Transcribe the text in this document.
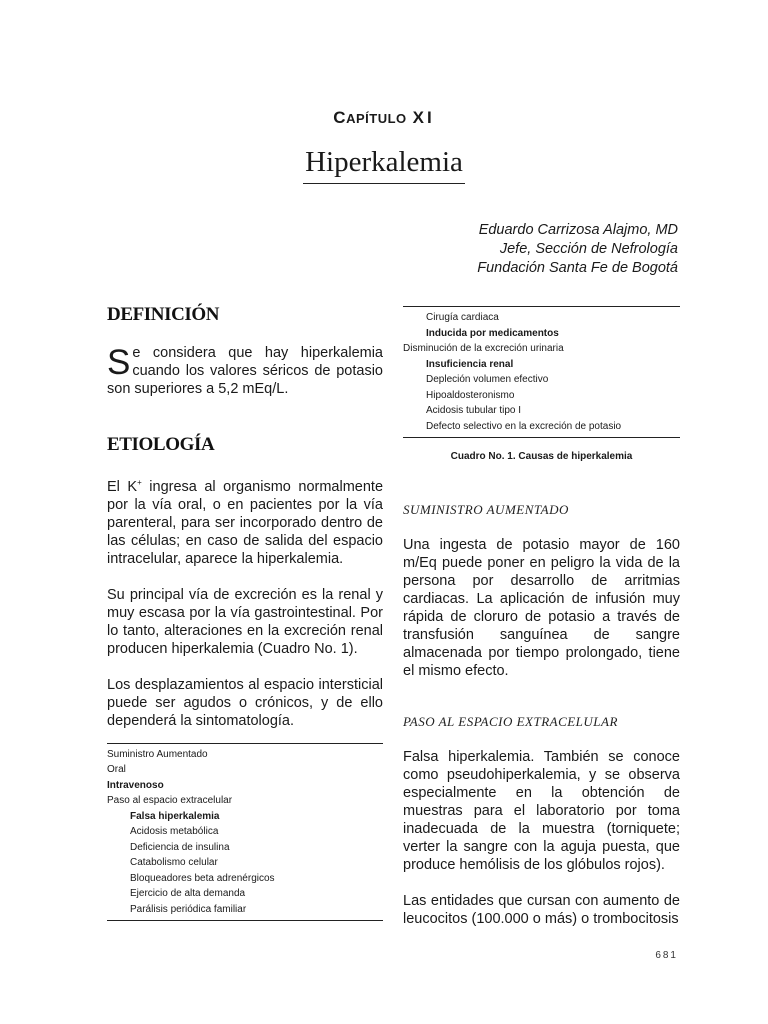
CAPÍTULO XI
Hiperkalemia
Eduardo Carrizosa Alajmo, MD
Jefe, Sección de Nefrología
Fundación Santa Fe de Bogotá
DEFINICIÓN

Se considera que hay hiperkalemia cuando los valores séricos de potasio son superiores a 5,2 mEq/L.

ETIOLOGÍA

El K+ ingresa al organismo normalmente por la vía oral, o en pacientes por la vía parenteral, para ser incorporado dentro de las células; en caso de salida del espacio intracelular, aparece la hiperkalemia.

Su principal vía de excreción es la renal y muy escasa por la vía gastrointestinal. Por lo tanto, alteraciones en la excreción renal producen hiperkalemia (Cuadro No. 1).

Los desplazamientos al espacio intersticial puede ser agudos o crónicos, y de ello dependerá la sintomatología.

Suministro Aumentado
Oral
Intravenoso
Paso al espacio extracelular
Falsa hiperkalemia
Acidosis metabólica
Deficiencia de insulina
Catabolismo celular
Bloqueadores beta adrenérgicos
Ejercicio de alta demanda
Parálisis periódica familiar
Cirugía cardiaca
Inducida por medicamentos
Disminución de la excreción urinaria
Insuficiencia renal
Depleción volumen efectivo
Hipoaldosteronismo
Acidosis tubular tipo I
Defecto selectivo en la excreción de potasio
Cuadro No. 1. Causas de hiperkalemia
SUMINISTRO AUMENTADO

Una ingesta de potasio mayor de 160 m/Eq puede poner en peligro la vida de la persona por desarrollo de arritmias cardiacas. La aplicación de infusión muy rápida de cloruro de potasio a través de transfusión sanguínea de sangre almacenada por tiempo prolongado, tiene el mismo efecto.

PASO AL ESPACIO EXTRACELULAR

Falsa hiperkalemia. También se conoce como pseudohiperkalemia, y se observa especialmente en la obtención de muestras para el laboratorio por toma inadecuada de la muestra (torniquete; verter la sangre con la aguja puesta, que produce hemólisis de los glóbulos rojos).

Las entidades que cursan con aumento de leucocitos (100.000 o más) o trombocitosis

681
